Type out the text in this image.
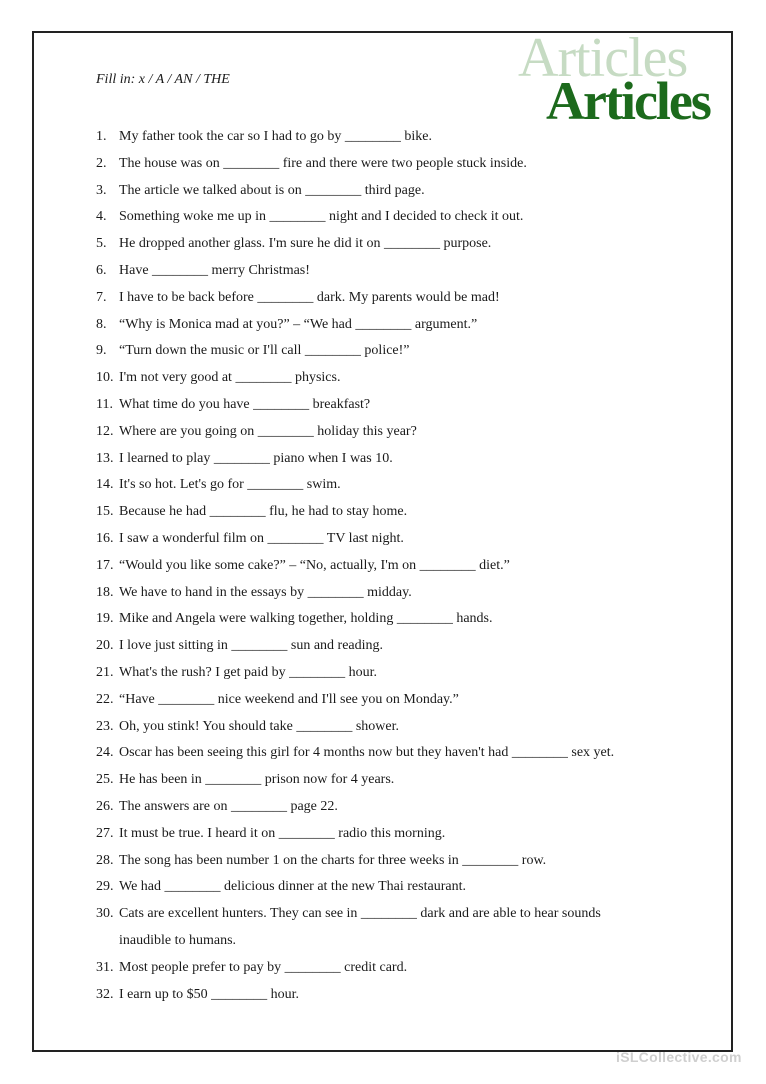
Fill in: x / A / AN / THE	Articles
Articles
1. My father took the car so I had to go by ________ bike.
2. The house was on ________ fire and there were two people stuck inside.
3. The article we talked about is on ________ third page.
4. Something woke me up in ________ night and I decided to check it out.
5. He dropped another glass. I'm sure he did it on ________ purpose.
6. Have ________ merry Christmas!
7. I have to be back before ________ dark. My parents would be mad!
8. “Why is Monica mad at you?” – “We had ________ argument.”
9. “Turn down the music or I'll call ________ police!”
10. I'm not very good at ________ physics.
11. What time do you have ________ breakfast?
12. Where are you going on ________ holiday this year?
13. I learned to play ________ piano when I was 10.
14. It's so hot. Let's go for ________ swim.
15. Because he had ________ flu, he had to stay home.
16. I saw a wonderful film on ________ TV last night.
17. “Would you like some cake?” – “No, actually, I'm on ________ diet.”
18. We have to hand in the essays by ________ midday.
19. Mike and Angela were walking together, holding ________ hands.
20. I love just sitting in ________ sun and reading.
21. What's the rush? I get paid by ________ hour.
22. “Have ________ nice weekend and I'll see you on Monday.”
23. Oh, you stink! You should take ________ shower.
24. Oscar has been seeing this girl for 4 months now but they haven't had ________ sex yet.
25. He has been in ________ prison now for 4 years.
26. The answers are on ________ page 22.
27. It must be true. I heard it on ________ radio this morning.
28. The song has been number 1 on the charts for three weeks in ________ row.
29. We had ________ delicious dinner at the new Thai restaurant.
30. Cats are excellent hunters. They can see in ________ dark and are able to hear sounds
inaudible to humans.
31. Most people prefer to pay by ________ credit card.
32. I earn up to $50 ________ hour.
iSLCollective.com
